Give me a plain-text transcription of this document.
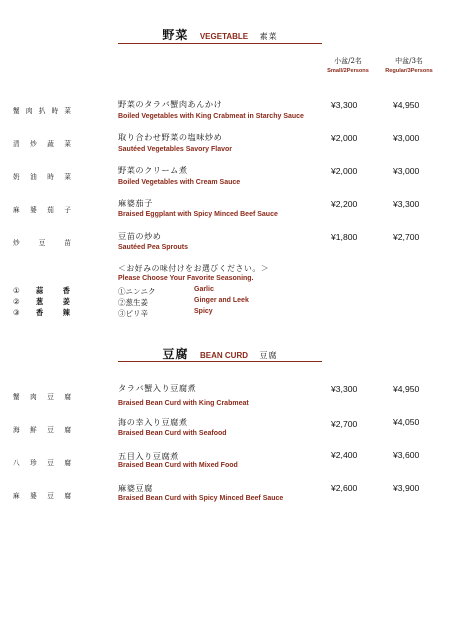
野菜 VEGETABLE 素菜
小盆/2名
Small/2Persons
中盆/3名
Regular/3Persons
蟹肉扒時菜
野菜のタラバ蟹肉あんかけ
Boiled Vegetables with King Crabmeat in Starchy Sauce
¥3,300	¥4,950
清炒蔬菜
取り合わせ野菜の塩味炒め
Sautéed Vegetables Savory Flavor
¥2,000	¥3,000
奶油時菜
野菜のクリーム煮
Boiled Vegetables with Cream Sauce
¥2,000	¥3,000
麻婆茄子
麻婆茄子
Braised Eggplant with Spicy Minced Beef Sauce
¥2,200	¥3,300
炒豆苗
豆苗の炒め
Sautéed Pea Sprouts
¥1,800	¥2,700
＜お好みの味付けをお選びください。＞
Please Choose Your Favorite Seasoning.
① 蒜香	①ニンニク	Garlic
② 葱姜	②葱生姜	Ginger and Leek
③ 香辣	③ピリ辛	Spicy
豆腐 BEAN CURD 豆腐
蟹肉豆腐
タラバ蟹入り豆腐煮
Braised Bean Curd with King Crabmeat
¥3,300	¥4,950
海鮮豆腐
海の幸入り豆腐煮
Braised Bean Curd with Seafood
¥2,700	¥4,050
八珍豆腐
五目入り豆腐煮
Braised Bean Curd with Mixed Food
¥2,400	¥3,600
麻婆豆腐
麻婆豆腐
Braised Bean Curd with Spicy Minced Beef Sauce
¥2,600	¥3,900
